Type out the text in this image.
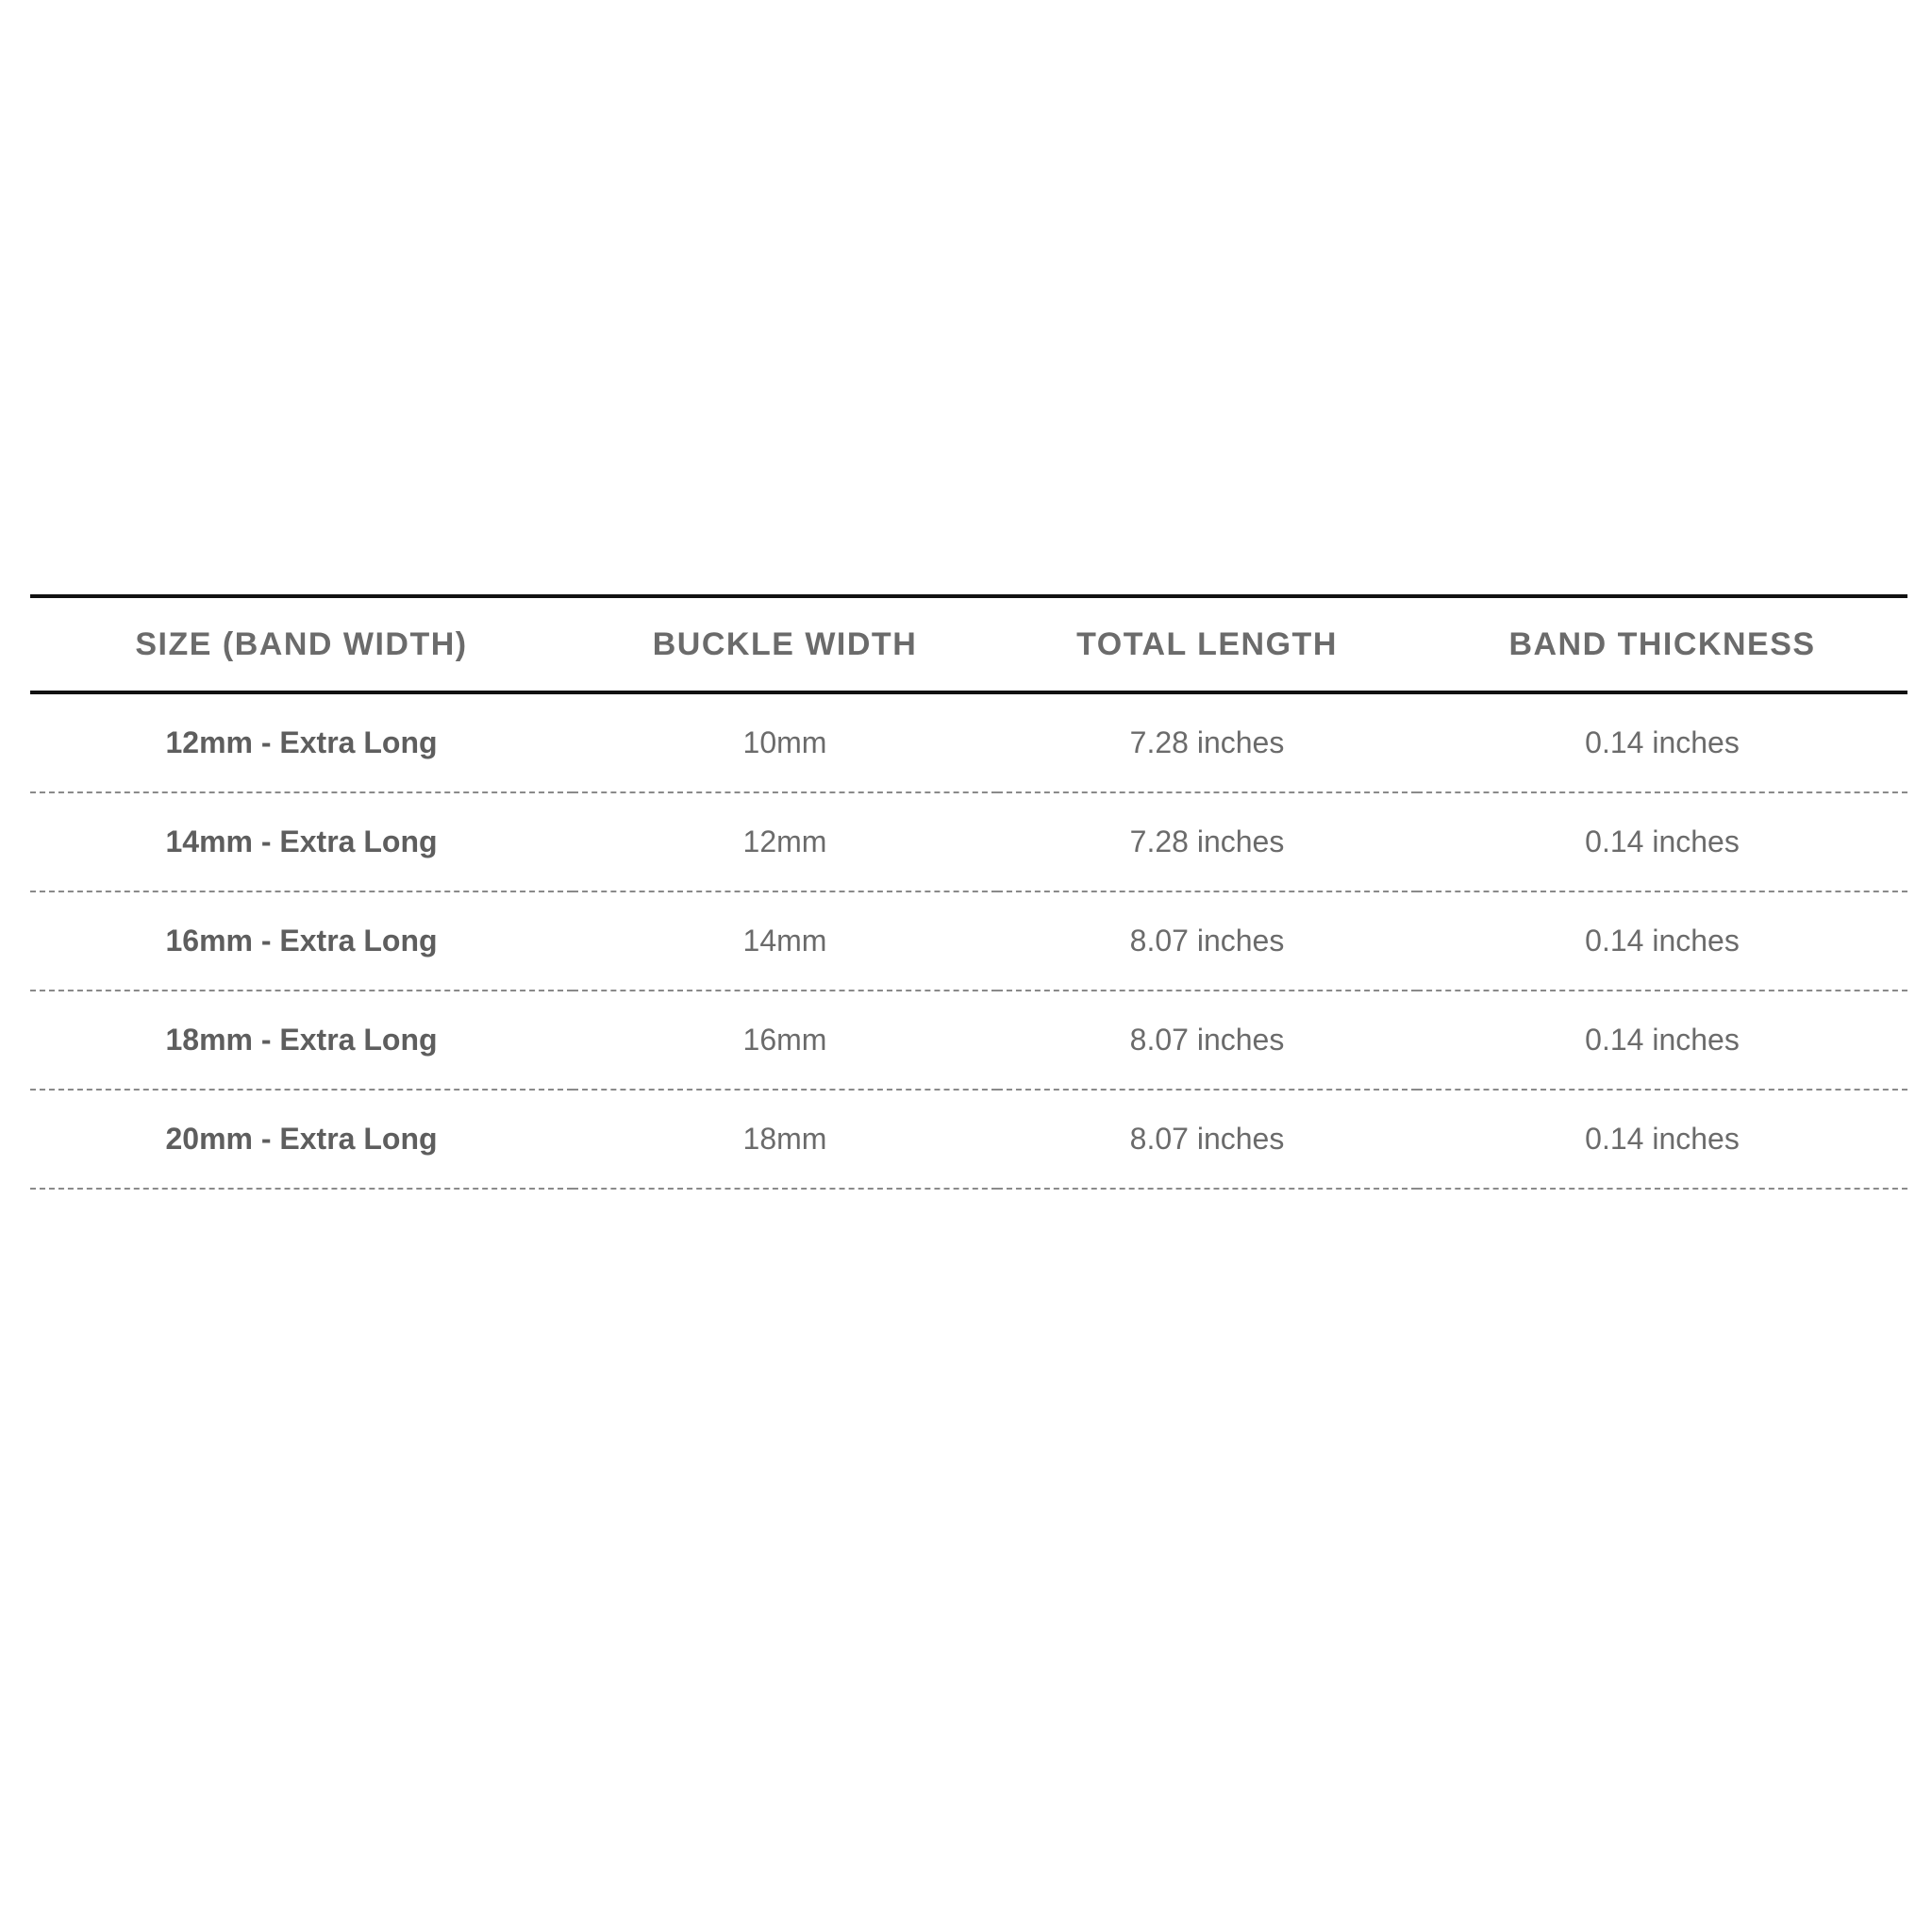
SIZE (BAND WIDTH)	BUCKLE WIDTH	TOTAL LENGTH	BAND THICKNESS
12mm - Extra Long	10mm	7.28 inches	0.14 inches
14mm - Extra Long	12mm	7.28 inches	0.14 inches
16mm - Extra Long	14mm	8.07 inches	0.14 inches
18mm - Extra Long	16mm	8.07 inches	0.14 inches
20mm - Extra Long	18mm	8.07 inches	0.14 inches
